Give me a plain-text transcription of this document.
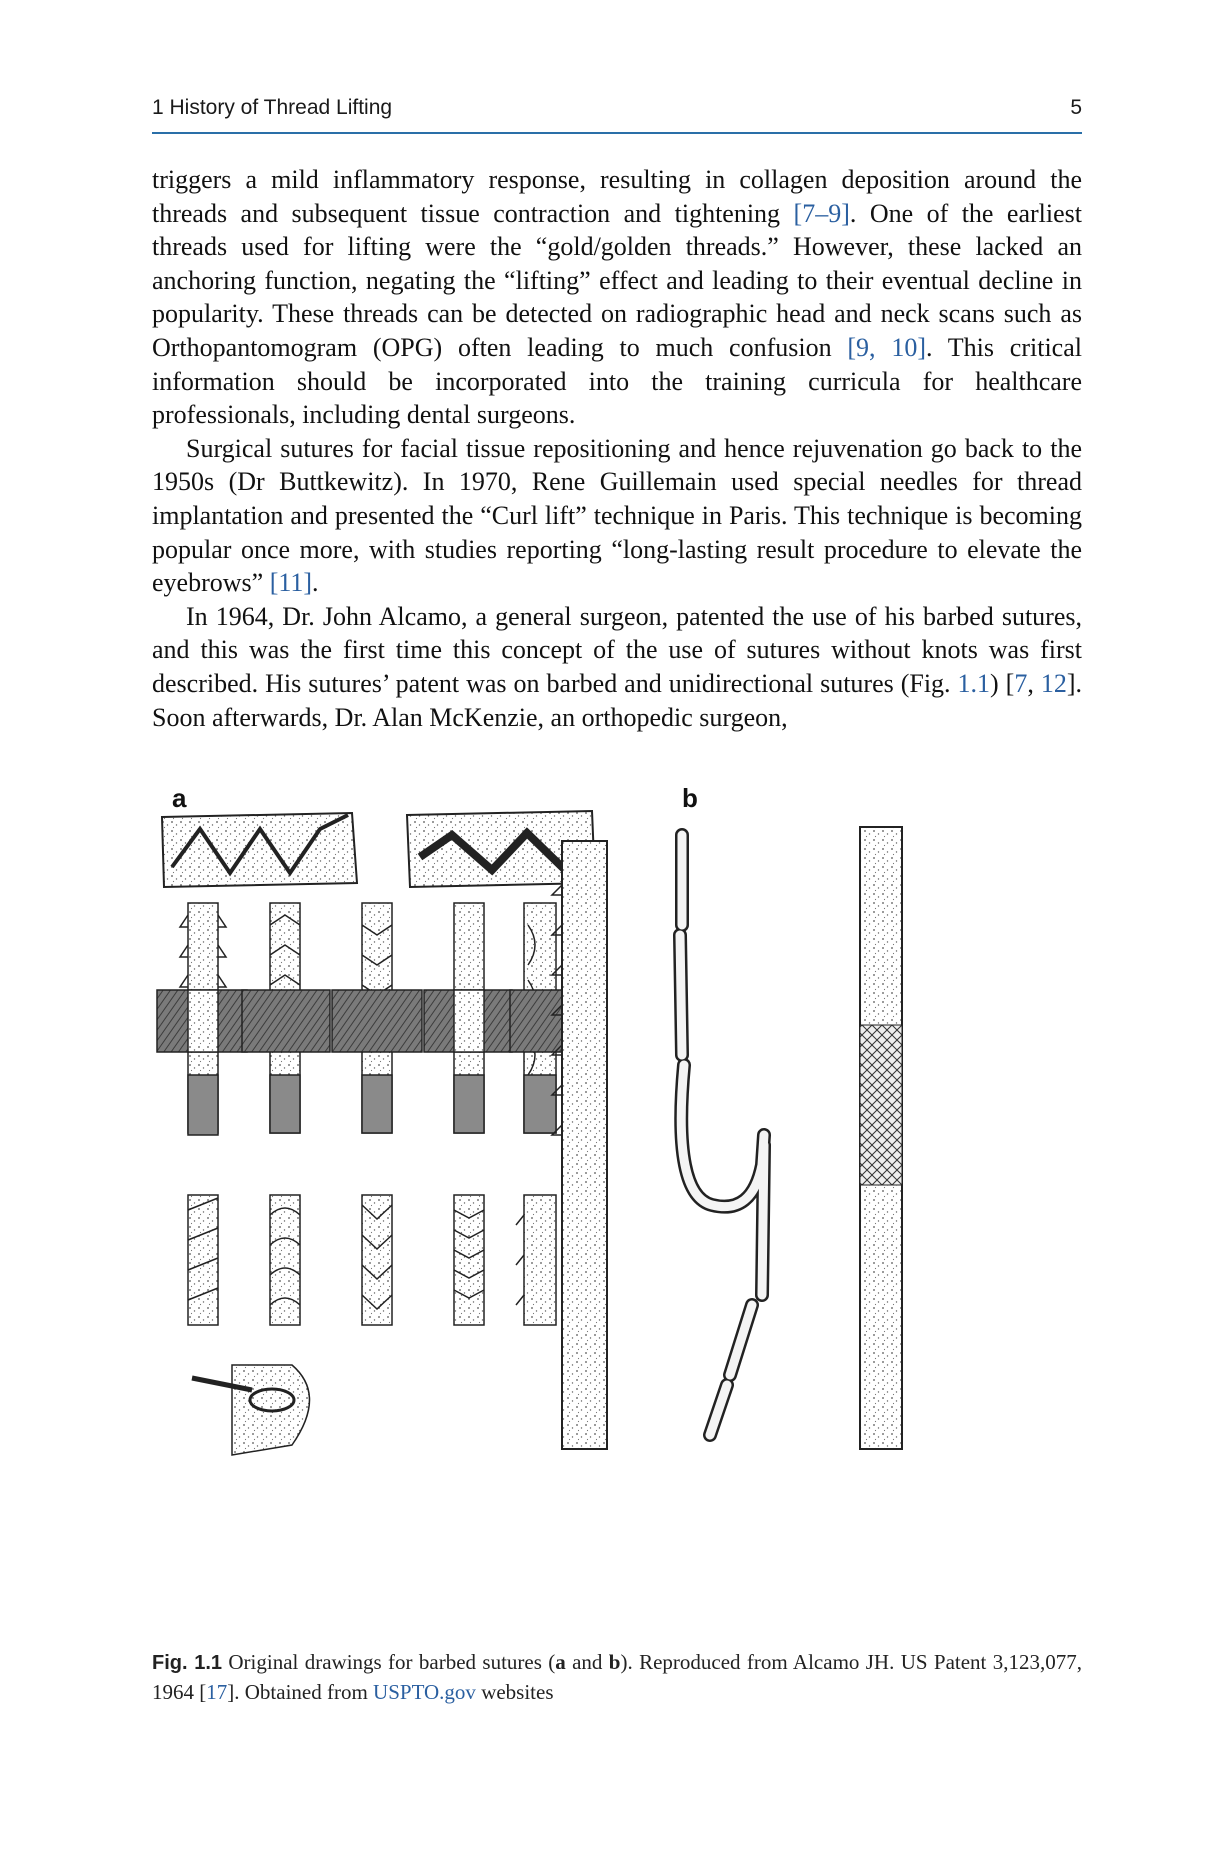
1 History of Thread Lifting	5

triggers a mild inflammatory response, resulting in collagen deposition around the threads and subsequent tissue contraction and tightening [7–9]. One of the earliest threads used for lifting were the “gold/golden threads.” However, these lacked an anchoring function, negating the “lifting” effect and leading to their eventual decline in popularity. These threads can be detected on radiographic head and neck scans such as Orthopantomogram (OPG) often leading to much confusion [9, 10]. This critical information should be incorporated into the training curricula for healthcare professionals, including dental surgeons.

Surgical sutures for facial tissue repositioning and hence rejuvenation go back to the 1950s (Dr Buttkewitz). In 1970, Rene Guillemain used special needles for thread implantation and presented the “Curl lift” technique in Paris. This technique is becoming popular once more, with studies reporting “long-lasting result procedure to elevate the eyebrows” [11].

In 1964, Dr. John Alcamo, a general surgeon, patented the use of his barbed sutures, and this was the first time this concept of the use of sutures without knots was first described. His sutures’ patent was on barbed and unidirectional sutures (Fig. 1.1) [7, 12]. Soon afterwards, Dr. Alan McKenzie, an orthopedic surgeon,

a	b
Fig. 1.1 Original drawings for barbed sutures (a and b). Reproduced from Alcamo JH. US Patent 3,123,077, 1964 [17]. Obtained from USPTO.gov websites
